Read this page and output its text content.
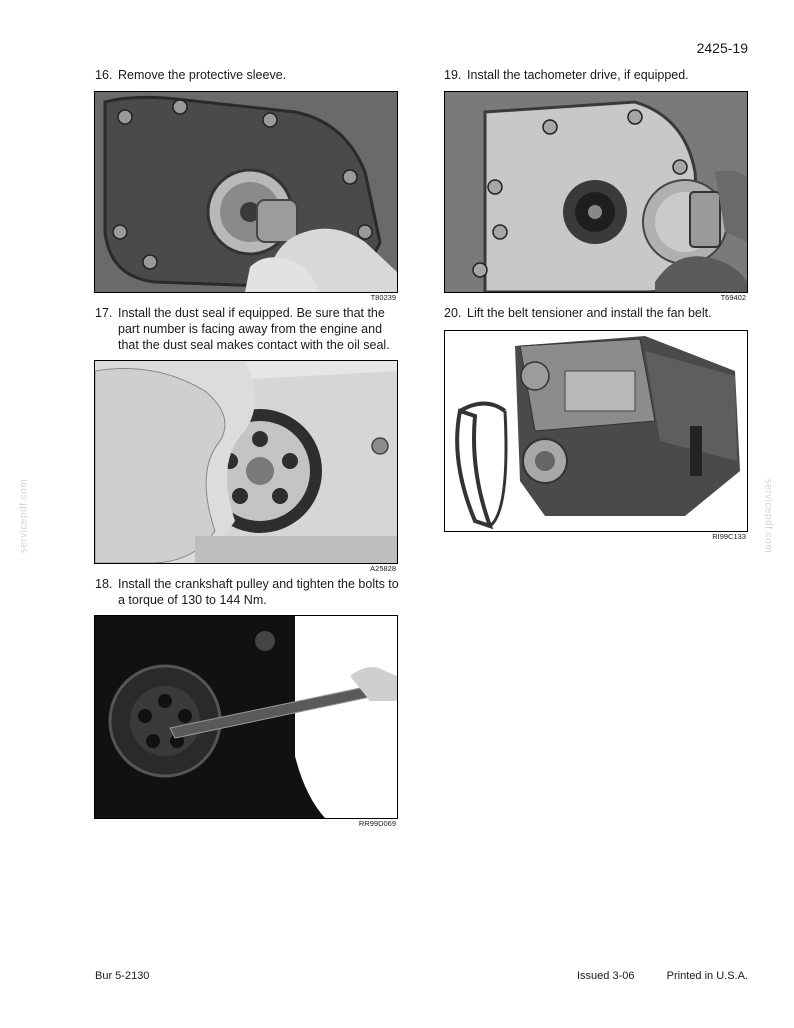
2425-19
servicepdf.com	servicepdf.com
16. Remove the protective sleeve.
T80239
17. Install the dust seal if equipped. Be sure that the part number is facing away from the engine and that the dust seal makes contact with the oil seal.
A25828
18. Install the crankshaft pulley and tighten the bolts to a torque of 130 to 144 Nm.
RR99D069
19. Install the tachometer drive, if equipped.
T69402
20. Lift the belt tensioner and install the fan belt.
RI99C133
Bur 5-2130	Issued 3-06	Printed in U.S.A.
